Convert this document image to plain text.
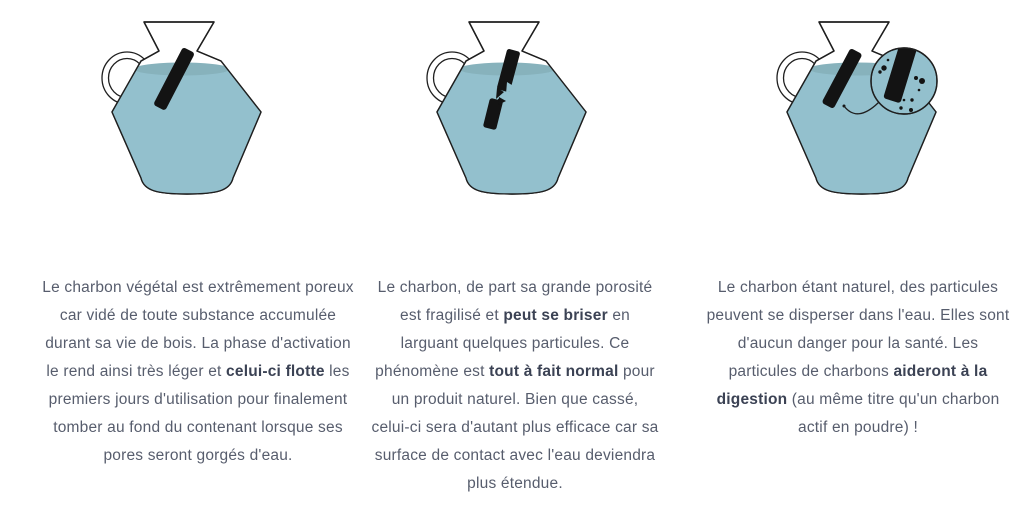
Le charbon végétal est extrêmement poreux car vidé de toute substance accumulée durant sa vie de bois. La phase d'activation le rend ainsi très léger et celui-ci flotte les premiers jours d'utilisation pour finalement tomber au fond du contenant lorsque ses pores seront gorgés d'eau.

Le charbon, de part sa grande porosité est fragilisé et peut se briser en larguant quelques particules. Ce phénomène est tout à fait normal pour un produit naturel. Bien que cassé, celui-ci sera d'autant plus efficace car sa surface de contact avec l'eau deviendra plus étendue.

Le charbon étant naturel, des particules peuvent se disperser dans l'eau. Elles sont d'aucun danger pour la santé. Les particules de charbons aideront à la digestion (au même titre qu'un charbon actif en poudre) !
